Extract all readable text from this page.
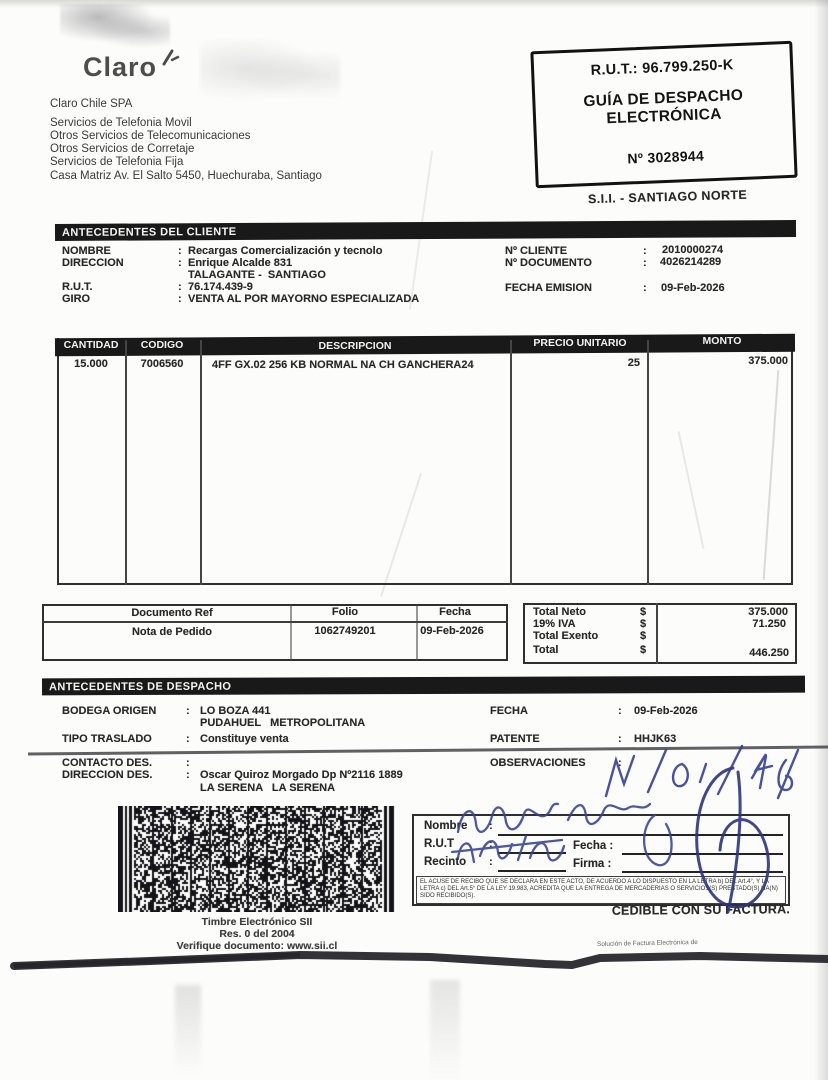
Claro
Claro Chile SPA
Servicios de Telefonia Movil
Otros Servicios de Telecomunicaciones
Otros Servicios de Corretaje
Servicios de Telefonia Fija
Casa Matriz Av. El Salto 5450, Huechuraba, Santiago
R.U.T.: 96.799.250-K
GUÍA DE DESPACHO
ELECTRÓNICA
Nº 3028944
S.I.I. - SANTIAGO NORTE
ANTECEDENTES DEL CLIENTE
NOMBRE	: Recargas Comercialización y tecnolo
DIRECCION	: Enrique Alcalde 831
TALAGANTE -  SANTIAGO
R.U.T.	: 76.174.439-9
GIRO	: VENTA AL POR MAYORNO ESPECIALIZADA
Nº CLIENTE	: 2010000274
Nº DOCUMENTO	: 4026214289
FECHA EMISION	: 09-Feb-2026
CANTIDAD CODIGO	DESCRIPCION	PRECIO UNITARIO	MONTO
15.000	7006560	4FF GX.02 256 KB NORMAL NA CH GANCHERA24	25	375.000
Documento Ref	Folio	Fecha
Nota de Pedido	1062749201	09-Feb-2026
Total Neto	$	375.000
19% IVA	$	71.250
Total Exento	$
Total	$	446.250
ANTECEDENTES DE DESPACHO
BODEGA ORIGEN	: LO BOZA 441
PUDAHUEL   METROPOLITANA
TIPO TRASLADO	: Constituye venta
CONTACTO DES.	:
DIRECCION DES.	: Oscar Quiroz Morgado Dp Nº2116 1889
LA SERENA   LA SERENA
FECHA	: 09-Feb-2026
PATENTE	: HHJK63
OBSERVACIONES	:
Timbre Electrónico SII
Res. 0 del 2004
Verifique documento: www.sii.cl
Nombre :
R.U.T	:	Fecha :
Recinto :	Firma :
EL ACUSE DE RECIBO QUE SE DECLARA EN ESTE ACTO, DE ACUERDO A LO DISPUESTO EN LA LETRA b) DEL Art.4°, Y LA LETRA c) DEL Art.5° DE LA LEY 19.983, ACREDITA QUE LA ENTREGA DE MERCADERIAS O SERVICIOS(S) PRESTADO(S) HA(N) SIDO RECIBIDO(S).
CEDIBLE CON SU FACTURA.
Solución de Factura Electrónica de
